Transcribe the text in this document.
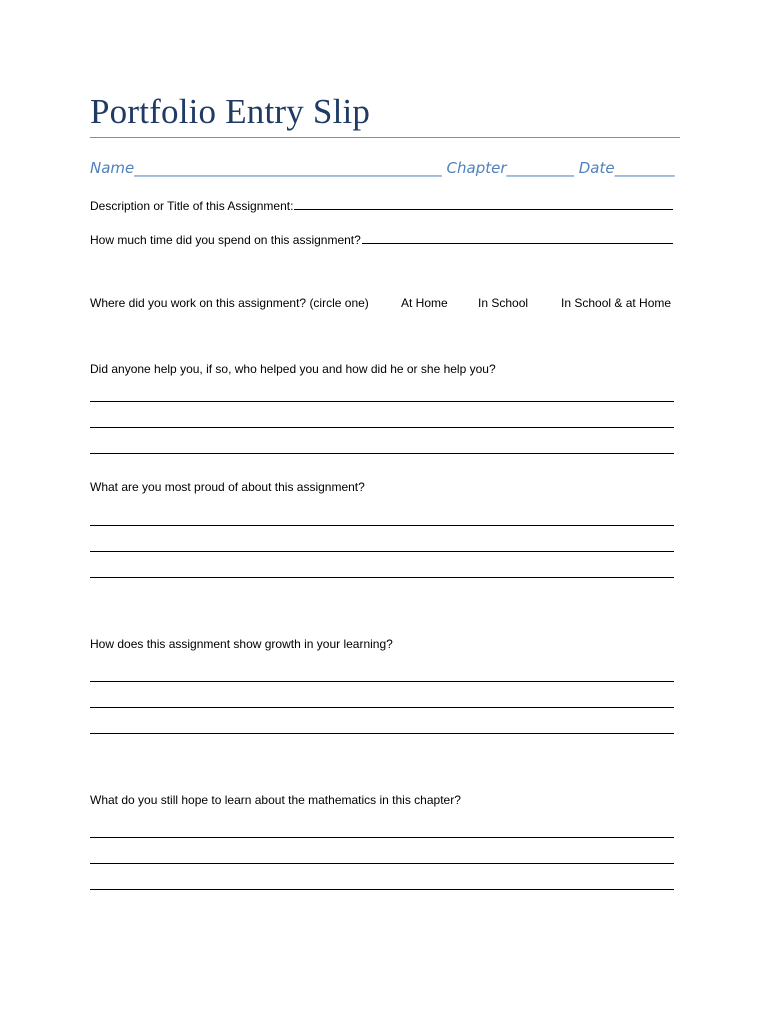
Portfolio Entry Slip
Name_________________________________________ Chapter_________ Date________
Description or Title of this Assignment:
How much time did you spend on this assignment?
Where did you work on this assignment? (circle one)	At Home	In School	In School & at Home
Did anyone help you, if so, who helped you and how did he or she help you?
What are you most proud of about this assignment?
How does this assignment show growth in your learning?
What do you still hope to learn about the mathematics in this chapter?
